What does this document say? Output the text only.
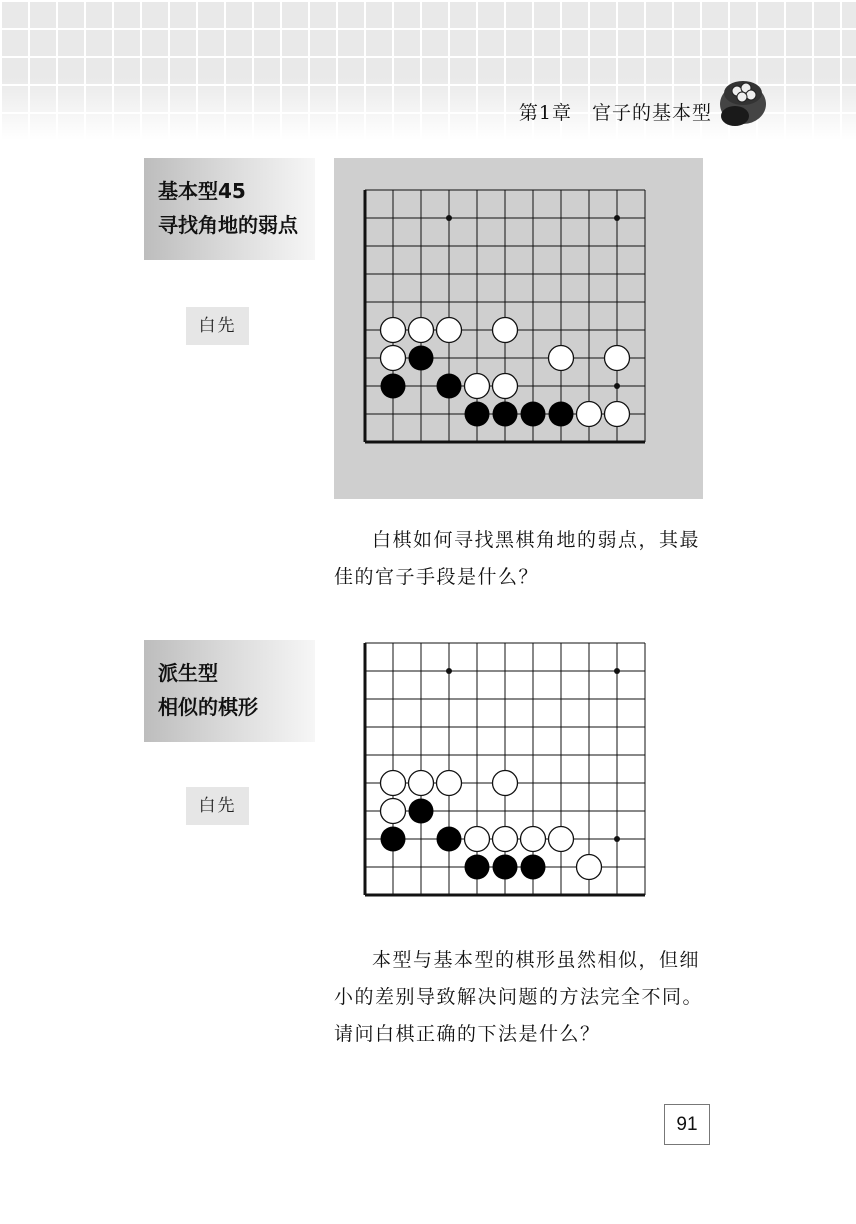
第1章　官子的基本型
基本型45
寻找角地的弱点
白先

白棋如何寻找黑棋角地的弱点，其最佳的官子手段是什么？

派生型
相似的棋形
白先

本型与基本型的棋形虽然相似，但细小的差别导致解决问题的方法完全不同。请问白棋正确的下法是什么？

91
